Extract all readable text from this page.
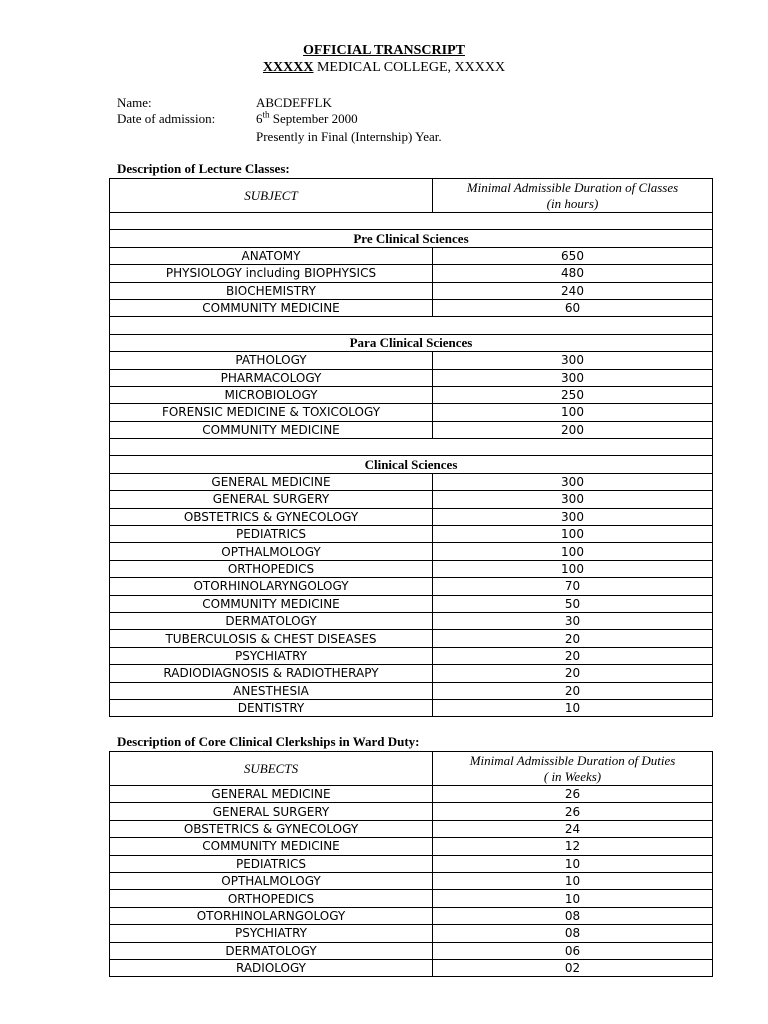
OFFICIAL TRANSCRIPT
XXXXX MEDICAL COLLEGE, XXXXX
Name:	ABCDEFFLK
Date of admission:	6th September 2000
Presently in Final (Internship) Year.
Description of Lecture Classes:
SUBJECT	Minimal Admissible Duration of Classes
(in hours)

Pre Clinical Sciences	
ANATOMY	650
PHYSIOLOGY including BIOPHYSICS	480
BIOCHEMISTRY	240
COMMUNITY MEDICINE	60

Para Clinical Sciences	
PATHOLOGY	300
PHARMACOLOGY	300
MICROBIOLOGY	250
FORENSIC MEDICINE & TOXICOLOGY	100
COMMUNITY MEDICINE	200

Clinical Sciences	
GENERAL MEDICINE	300
GENERAL SURGERY	300
OBSTETRICS & GYNECOLOGY	300
PEDIATRICS	100
OPTHALMOLOGY	100
ORTHOPEDICS	100
OTORHINOLARYNGOLOGY	70
COMMUNITY MEDICINE	50
DERMATOLOGY	30
TUBERCULOSIS & CHEST DISEASES	20
PSYCHIATRY	20
RADIODIAGNOSIS & RADIOTHERAPY	20
ANESTHESIA	20
DENTISTRY	10
Description of Core Clinical Clerkships in Ward Duty:
SUBECTS	Minimal Admissible Duration of Duties
( in Weeks)
GENERAL MEDICINE	26
GENERAL SURGERY	26
OBSTETRICS & GYNECOLOGY	24
COMMUNITY MEDICINE	12
PEDIATRICS	10
OPTHALMOLOGY	10
ORTHOPEDICS	10
OTORHINOLARNGOLOGY	08
PSYCHIATRY	08
DERMATOLOGY	06
RADIOLOGY	02
